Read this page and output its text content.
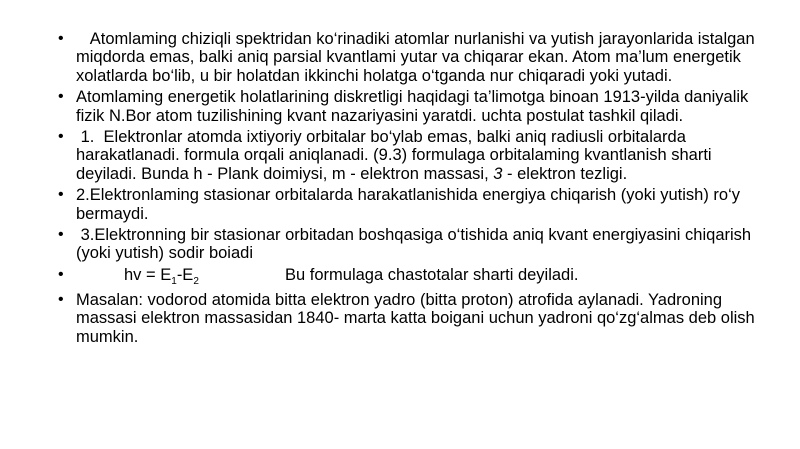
• Atomlaming chiziqli spektridan ko‘rinadiki atomlar nurlanishi va yutish jarayonlarida istalgan miqdorda emas, balki aniq parsial kvantlami yutar va chiqarar ekan. Atom ma’lum energetik xolatlarda bo‘lib, u bir holatdan ikkinchi holatga o‘tganda nur chiqaradi yoki yutadi.
• Atomlaming energetik holatlarining diskretligi haqidagi ta’limotga binoan 1913-yilda daniyalik fizik N.Bor atom tuzilishining kvant nazariyasini yaratdi. uchta postulat tashkil qiladi.
• 1.  Elektronlar atomda ixtiyoriy orbitalar bo‘ylab emas, balki aniq radiusli orbitalarda harakatlanadi. formula orqali aniqlanadi. (9.3) formulaga orbitalaming kvantlanish sharti deyiladi. Bunda h - Plank doimiysi, m - elektron massasi, 3 - elektron tezligi.
• 2.Elektronlaming stasionar orbitalarda harakatlanishida energiya chiqarish (yoki yutish) ro‘y bermaydi.
• 3.Elektronning bir stasionar orbitadan boshqasiga o‘tishida aniq kvant energiyasini chiqarish (yoki yutish) sodir boiadi
•	hv = $E_1-E_2$	Bu formulaga chastotalar sharti deyiladi.
• Masalan: vodorod atomida bitta elektron yadro (bitta proton) atrofida aylanadi. Yadroning massasi elektron massasidan 1840- marta katta boigani uchun yadroni qo‘zg‘almas deb olish mumkin.
